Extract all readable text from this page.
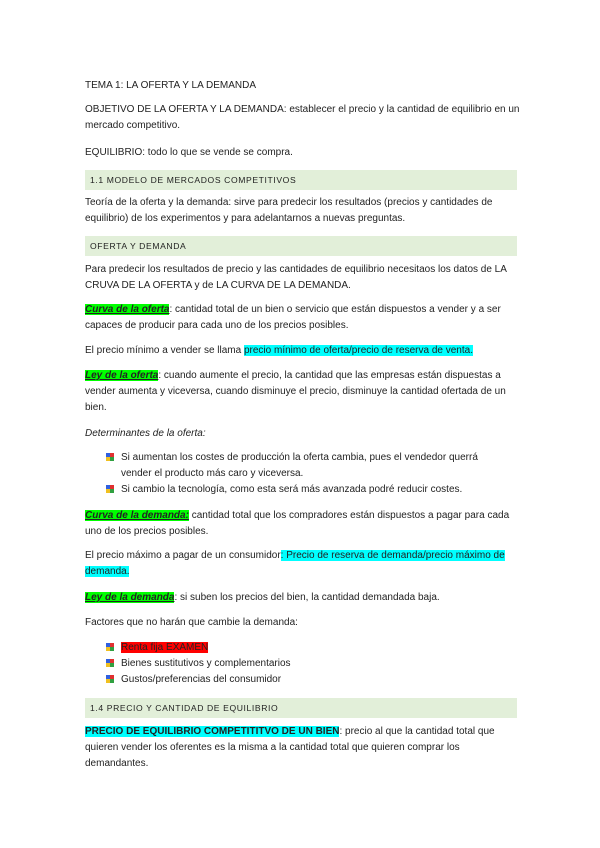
TEMA 1: LA OFERTA Y LA DEMANDA
OBJETIVO DE LA OFERTA Y LA DEMANDA: establecer el precio y la cantidad de equilibrio en un
mercado competitivo.
EQUILIBRIO: todo lo que se vende se compra.
1.1 MODELO DE MERCADOS COMPETITIVOS
Teoría de la oferta y la demanda: sirve para predecir los resultados (precios y cantidades de
equilibrio) de los experimentos y para adelantarnos a nuevas preguntas.
OFERTA Y DEMANDA
Para predecir los resultados de precio y las cantidades de equilibrio necesitaos los datos de LA
CRUVA DE LA OFERTA y de LA CURVA DE LA DEMANDA.
Curva de la oferta: cantidad total de un bien o servicio que están dispuestos a vender y a ser
capaces de producir para cada uno de los precios posibles.
El precio mínimo a vender se llama precio mínimo de oferta/precio de reserva de venta.
Ley de la oferta: cuando aumente el precio, la cantidad que las empresas están dispuestas a
vender aumenta y viceversa, cuando disminuye el precio, disminuye la cantidad ofertada de un
bien.
Determinantes de la oferta:
Si aumentan los costes de producción la oferta cambia, pues el vendedor querrá
vender el producto más caro y viceversa.
Si cambio la tecnología, como esta será más avanzada podré reducir costes.
Curva de la demanda: cantidad total que los compradores están dispuestos a pagar para cada
uno de los precios posibles.
El precio máximo a pagar de un consumidor: Precio de reserva de demanda/precio máximo de
demanda.
Ley de la demanda: si suben los precios del bien, la cantidad demandada baja.
Factores que no harán que cambie la demanda:
Renta fija EXAMEN
Bienes sustitutivos y complementarios
Gustos/preferencias del consumidor
1.4 PRECIO Y CANTIDAD DE EQUILIBRIO
PRECIO DE EQUILIBRIO COMPETITITVO DE UN BIEN: precio al que la cantidad total que
quieren vender los oferentes es la misma a la cantidad total que quieren comprar los
demandantes.
